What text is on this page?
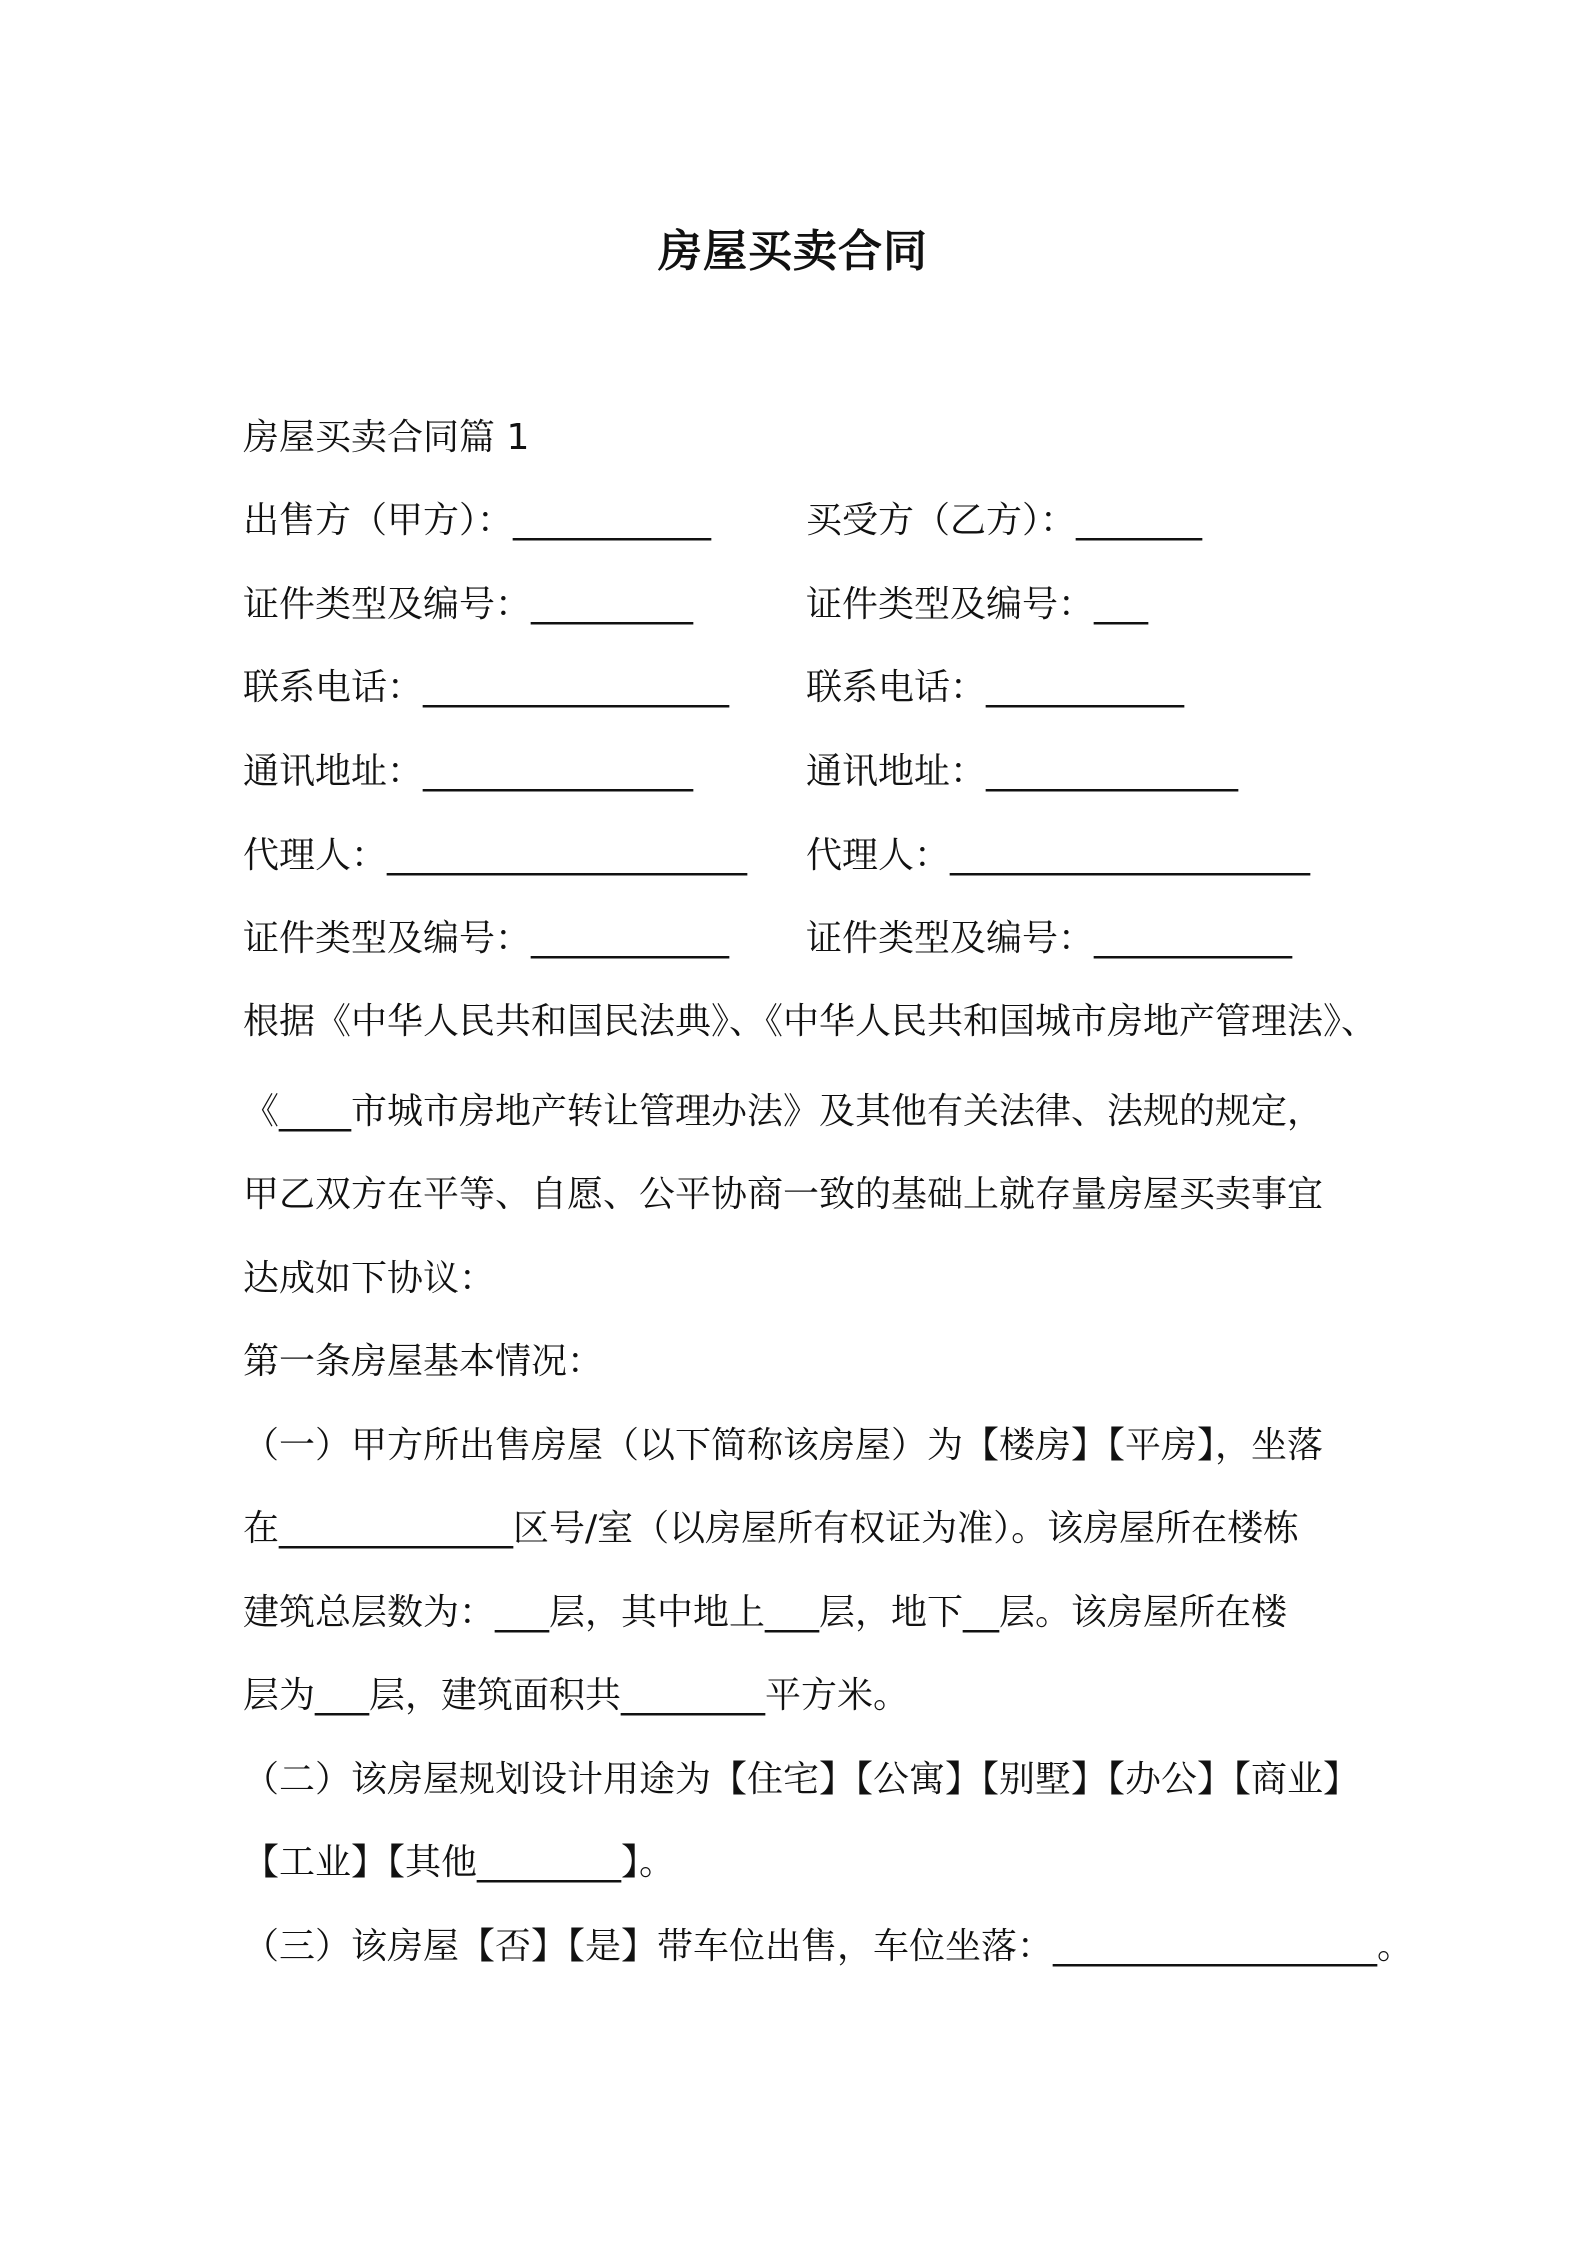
房屋买卖合同
房屋买卖合同篇 1
出售方（甲方）：___________	买受方（乙方）：_______
证件类型及编号：_________	证件类型及编号：___
联系电话：_________________ 联系电话：___________
通讯地址：_______________	通讯地址：______________
代理人：____________________ 代理人：____________________
证件类型及编号：___________ 证件类型及编号：___________
根据《中华人民共和国民法典》、《中华人民共和国城市房地产管理法》、
《____市城市房地产转让管理办法》及其他有关法律、法规的规定，
甲乙双方在平等、自愿、公平协商一致的基础上就存量房屋买卖事宜
达成如下协议：
第一条房屋基本情况：
（一）甲方所出售房屋（以下简称该房屋）为【楼房】【平房】，坐落
在_____________区号/室（以房屋所有权证为准）。该房屋所在楼栋
建筑总层数为：___层，其中地上___层，地下__层。该房屋所在楼
层为___层，建筑面积共________平方米。
（二）该房屋规划设计用途为【住宅】【公寓】【别墅】【办公】【商业】
【工业】【其他________】。
（三）该房屋【否】【是】带车位出售，车位坐落：__________________。
